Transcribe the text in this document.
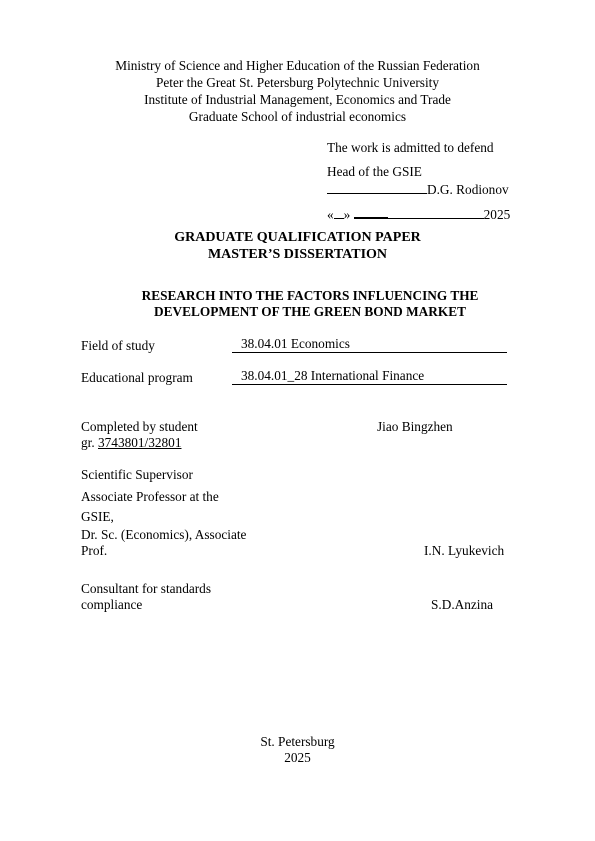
Ministry of Science and Higher Education of the Russian Federation
Peter the Great St. Petersburg Polytechnic University
Institute of Industrial Management, Economics and Trade
Graduate School of industrial economics
The work is admitted to defend
Head of the GSIE
D.G. Rodionov
« »	2025
GRADUATE QUALIFICATION PAPER
MASTER’S DISSERTATION
RESEARCH INTO THE FACTORS INFLUENCING THE
DEVELOPMENT OF THE GREEN BOND MARKET
Field of study	38.04.01 Economics
Educational program	38.04.01_28 International Finance
Completed by student
gr. 3743801/32801
Jiao Bingzhen
Scientific Supervisor
Associate Professor at the
GSIE,
Dr. Sc. (Economics), Associate
Prof.	I.N. Lyukevich
Consultant for standards
compliance	S.D.Anzina
St. Petersburg
2025
